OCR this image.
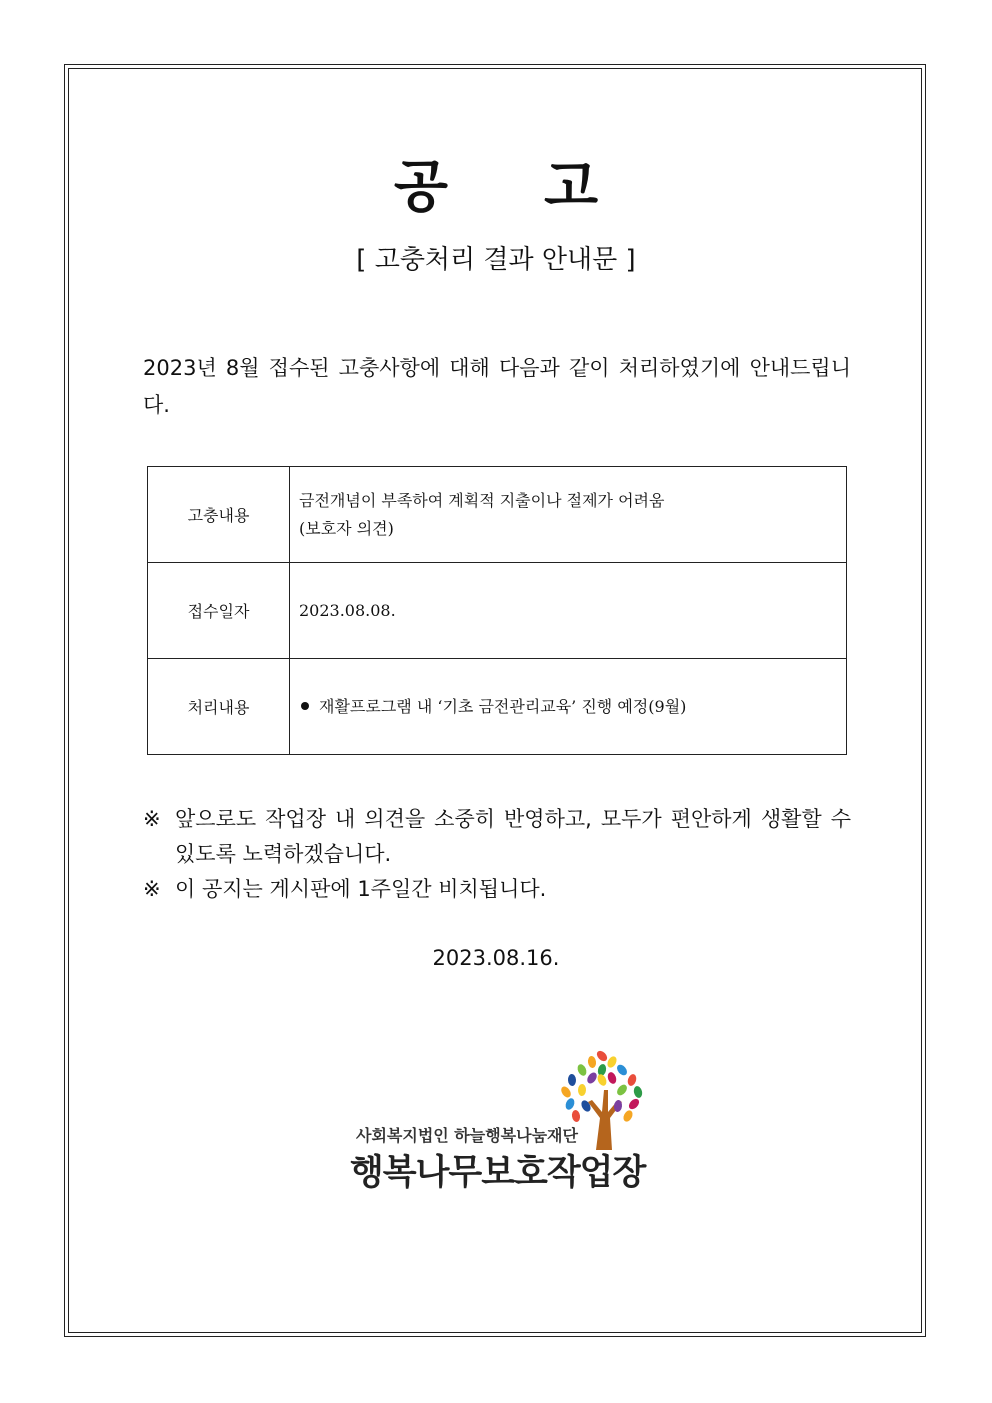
공 고
[ 고충처리 결과 안내문 ]
2023년 8월 접수된 고충사항에 대해 다음과 같이 처리하였기에 안내드립니다.
고충내용	금전개념이 부족하여 계획적 지출이나 절제가 어려움
(보호자 의견)

접수일자	2023.08.08.

처리내용	재활프로그램 내 ‘기초 금전관리교육’ 진행 예정(9월)
※ 앞으로도 작업장 내 의견을 소중히 반영하고, 모두가 편안하게 생활할 수 있도록 노력하겠습니다.
※ 이 공지는 게시판에 1주일간 비치됩니다.
2023.08.16.
사회복지법인 하늘행복나눔재단
행복나무보호작업장
